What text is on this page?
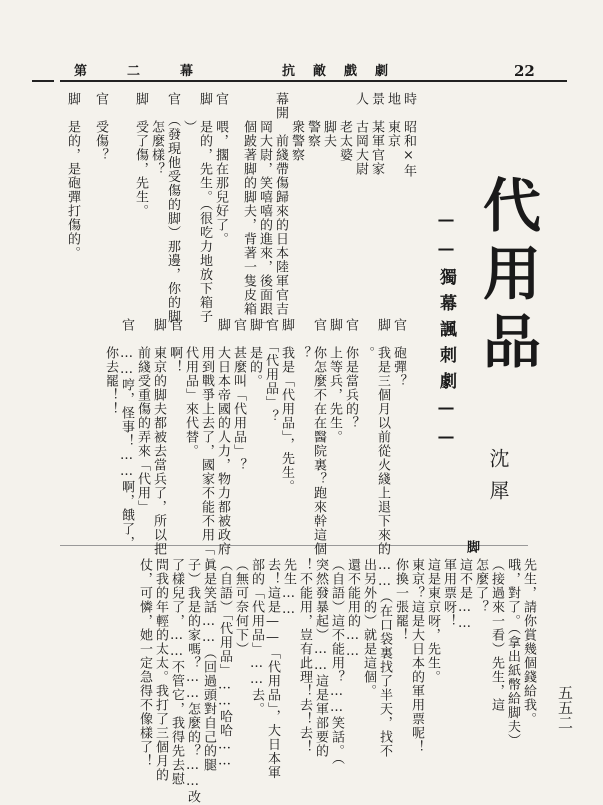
第二幕	抗敵戲劇	22
代用品
——獨幕諷刺劇——
沈犀
先生，請你賞幾個錢給我。
哦，對了。（拿出紙幣給脚夫）
（接過來一看）先生，這
怎麼了？
這不是……
軍用票呀！
這是東京呀，先生。
東京？這是大日本的軍用票呢！
你換一張罷！
……（在口袋裏找了半天，找不
出另外的）就是這個。
還不能用的……
（自語）這不能用？……笑話。（
突然發暴起）……這是軍部要的
！不能用，豈有此理！去！去！
先生……
去！這是——「代用品」，大日本軍
部的「代用品」……去。
（無可奈何下）
（自語）「代用品」……哈哈……
眞是笑話……（回過頭對自己的腿
子）我是的家嗎？……怎麼的？……改
了樣兒了，……不管它，我得先去慰
問我的年輕的太太。我打了三個月的
仗，可憐，她一定急得不像樣了！
脚
官　砲彈？
脚　我是三個月以前從火綫上退下來的
　　。
官　你是當兵的？
脚　上等兵，先生。
官　你怎麼不在在醫院裏？跑來幹這個
　　？
脚　我是「代用品」，先生。
官　「代用品」？
脚　是的。
官　甚麼叫「代用品」？
脚　大日本帝國的人力，物力都被政府
　　用到戰爭上去了，國家不能不用「
　　代用品」來代替。
官　啊！
脚　東京的脚夫都被去當兵了，所以把
　　前綫受重傷的弄來「代用」
官　……哼，怪事！……啊，餓了，
　　你去罷！！
時　昭和×年
地　東京
景　某軍官家
人　古岡大尉
　　老太婆
　　脚夫
　　警察
　　衆警察
幕開　前綫帶傷歸來的日本陸軍官吉
　　岡大尉，笑嘻嘻的進來，後面跟一
　　個跛著脚的脚夫，背著一隻皮箱
官　喂，擱在那兒好了。
脚　是的，先生。（很吃力地放下箱子
　　）
官　（發現他受傷的脚）那邊，你的脚
　　怎麼樣？
脚　受了傷，先生。
官　受傷？
脚　是的，是砲彈打傷的。
五五二
